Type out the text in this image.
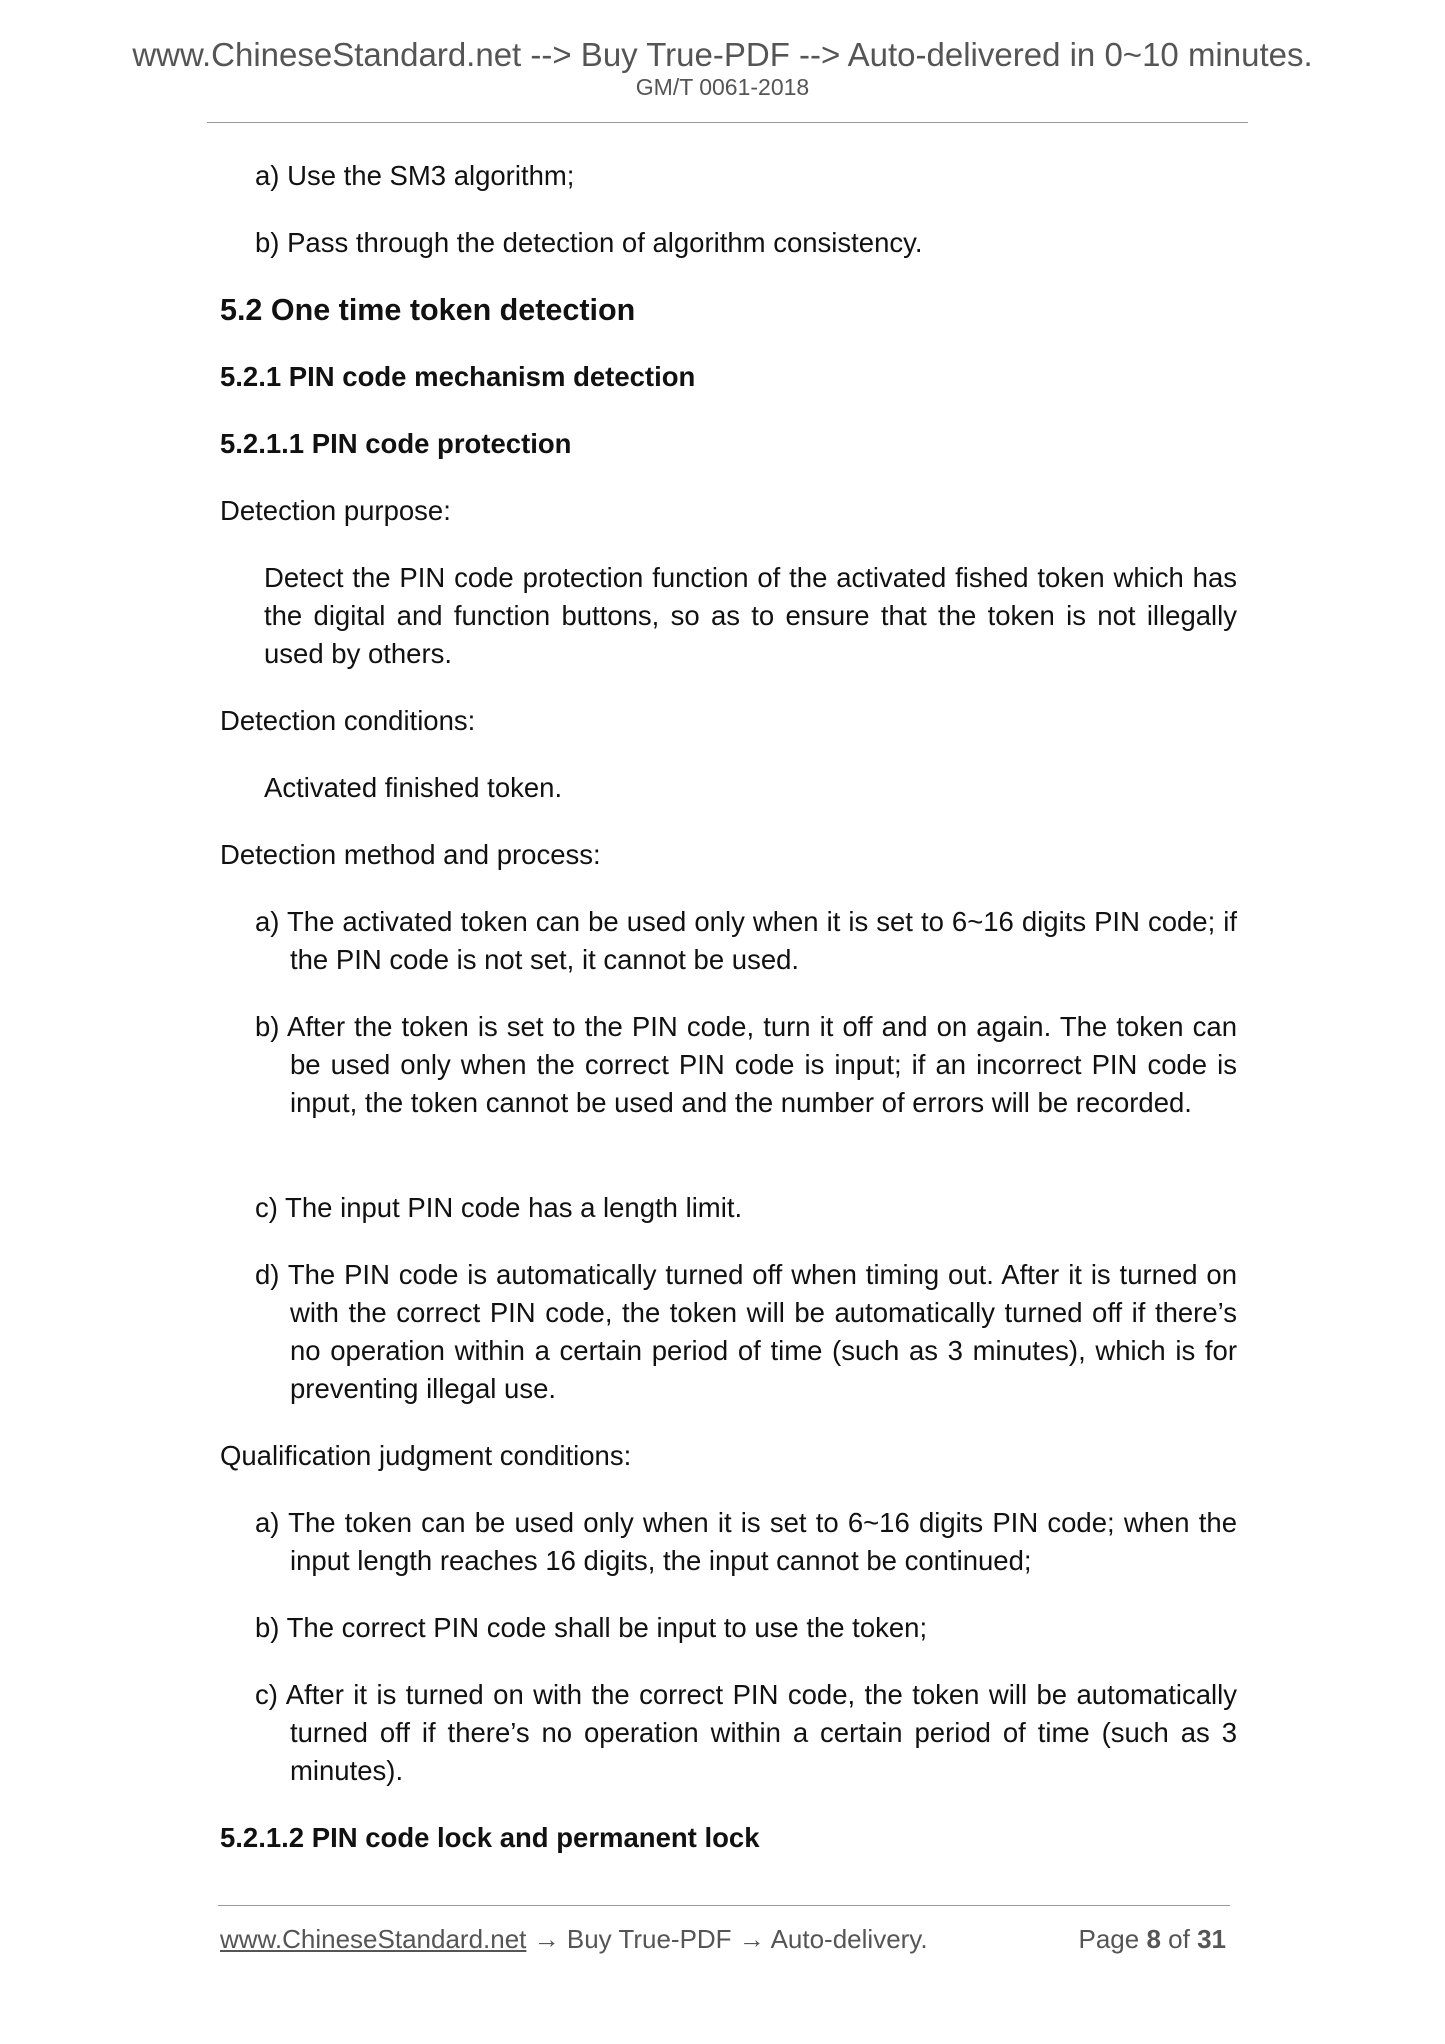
www.ChineseStandard.net --> Buy True-PDF --> Auto-delivered in 0~10 minutes.
GM/T 0061-2018

a) Use the SM3 algorithm;

b) Pass through the detection of algorithm consistency.

5.2 One time token detection
5.2.1 PIN code mechanism detection
5.2.1.1 PIN code protection

Detection purpose:

Detect the PIN code protection function of the activated fished token which has the digital and function buttons, so as to ensure that the token is not illegally used by others.

Detection conditions:

Activated finished token.

Detection method and process:

a) The activated token can be used only when it is set to 6~16 digits PIN code; if the PIN code is not set, it cannot be used.

b) After the token is set to the PIN code, turn it off and on again. The token can be used only when the correct PIN code is input; if an incorrect PIN code is input, the token cannot be used and the number of errors will be recorded.

c) The input PIN code has a length limit.

d) The PIN code is automatically turned off when timing out. After it is turned on with the correct PIN code, the token will be automatically turned off if there’s no operation within a certain period of time (such as 3 minutes), which is for preventing illegal use.

Qualification judgment conditions:

a) The token can be used only when it is set to 6~16 digits PIN code; when the input length reaches 16 digits, the input cannot be continued;

b) The correct PIN code shall be input to use the token;

c) After it is turned on with the correct PIN code, the token will be automatically turned off if there’s no operation within a certain period of time (such as 3 minutes).

5.2.1.2 PIN code lock and permanent lock
www.ChineseStandard.net → Buy True-PDF → Auto-delivery.	Page 8 of 31
